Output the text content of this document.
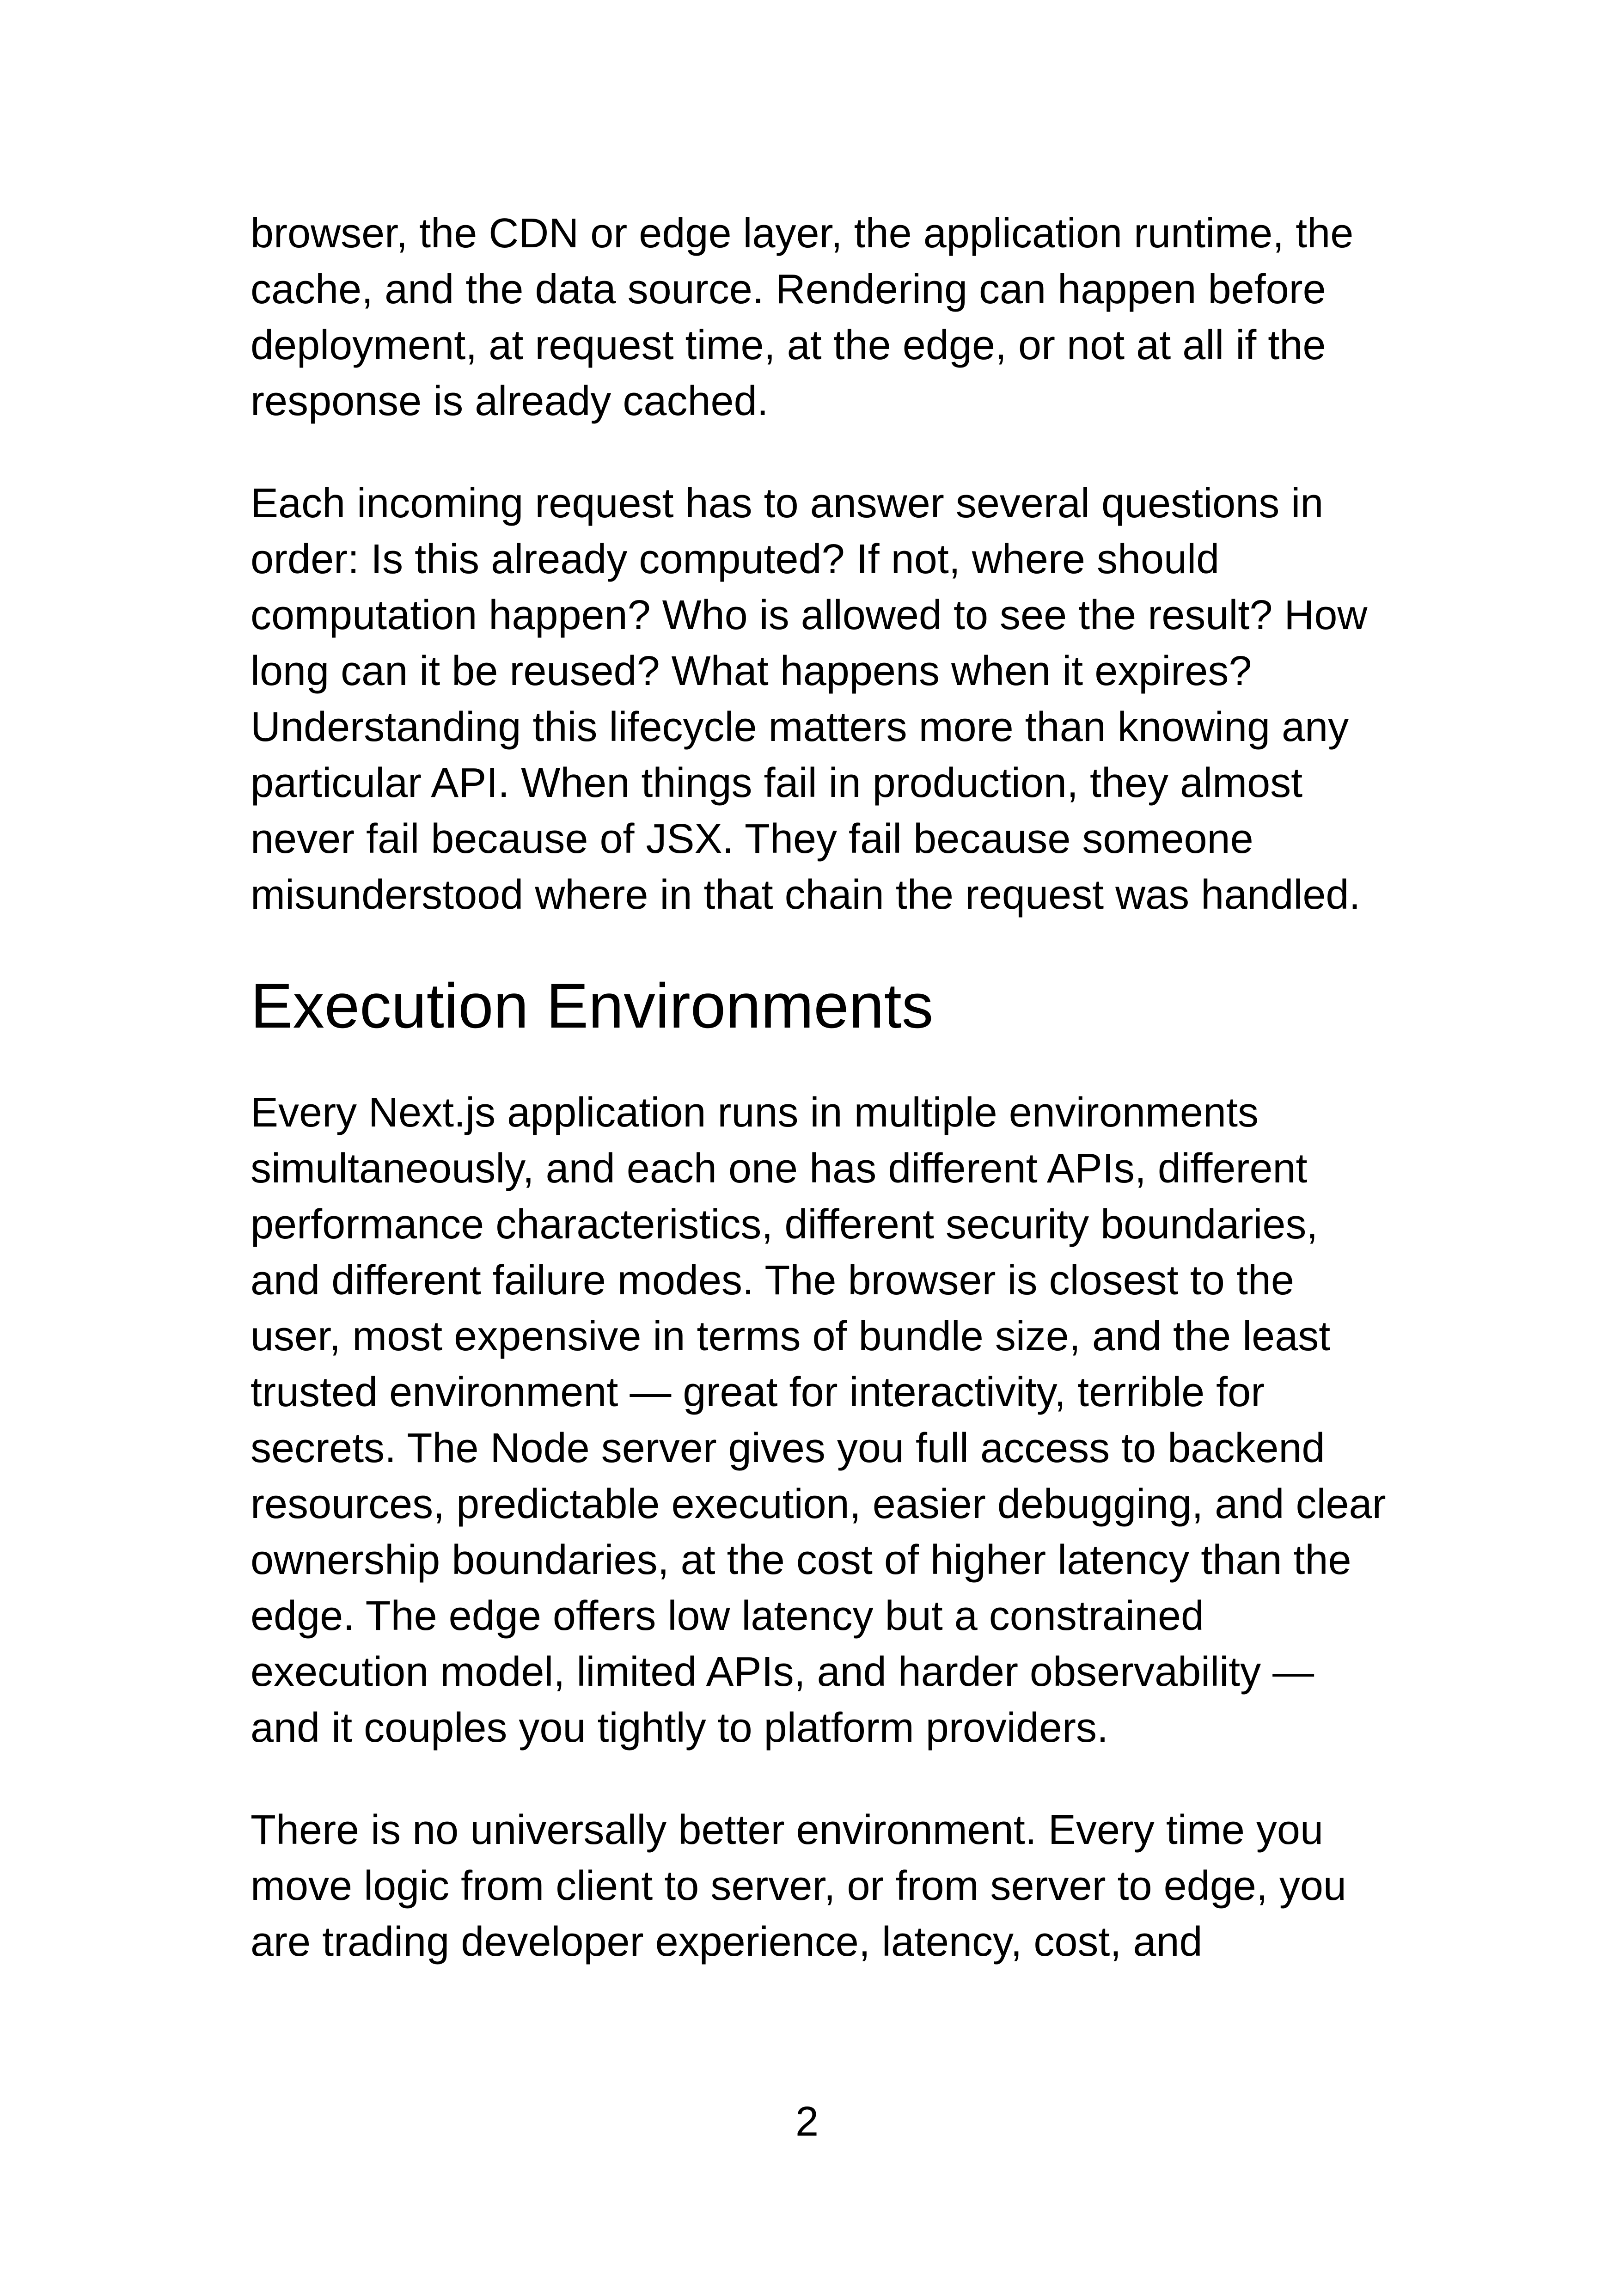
browser, the CDN or edge layer, the application runtime, the
cache, and the data source. Rendering can happen before
deployment, at request time, at the edge, or not at all if the
response is already cached.

Each incoming request has to answer several questions in
order: Is this already computed? If not, where should
computation happen? Who is allowed to see the result? How
long can it be reused? What happens when it expires?
Understanding this lifecycle matters more than knowing any
particular API. When things fail in production, they almost
never fail because of JSX. They fail because someone
misunderstood where in that chain the request was handled.

Execution Environments

Every Next.js application runs in multiple environments
simultaneously, and each one has different APIs, different
performance characteristics, different security boundaries,
and different failure modes. The browser is closest to the
user, most expensive in terms of bundle size, and the least
trusted environment — great for interactivity, terrible for
secrets. The Node server gives you full access to backend
resources, predictable execution, easier debugging, and clear
ownership boundaries, at the cost of higher latency than the
edge. The edge offers low latency but a constrained
execution model, limited APIs, and harder observability —
and it couples you tightly to platform providers.

There is no universally better environment. Every time you
move logic from client to server, or from server to edge, you
are trading developer experience, latency, cost, and

2
